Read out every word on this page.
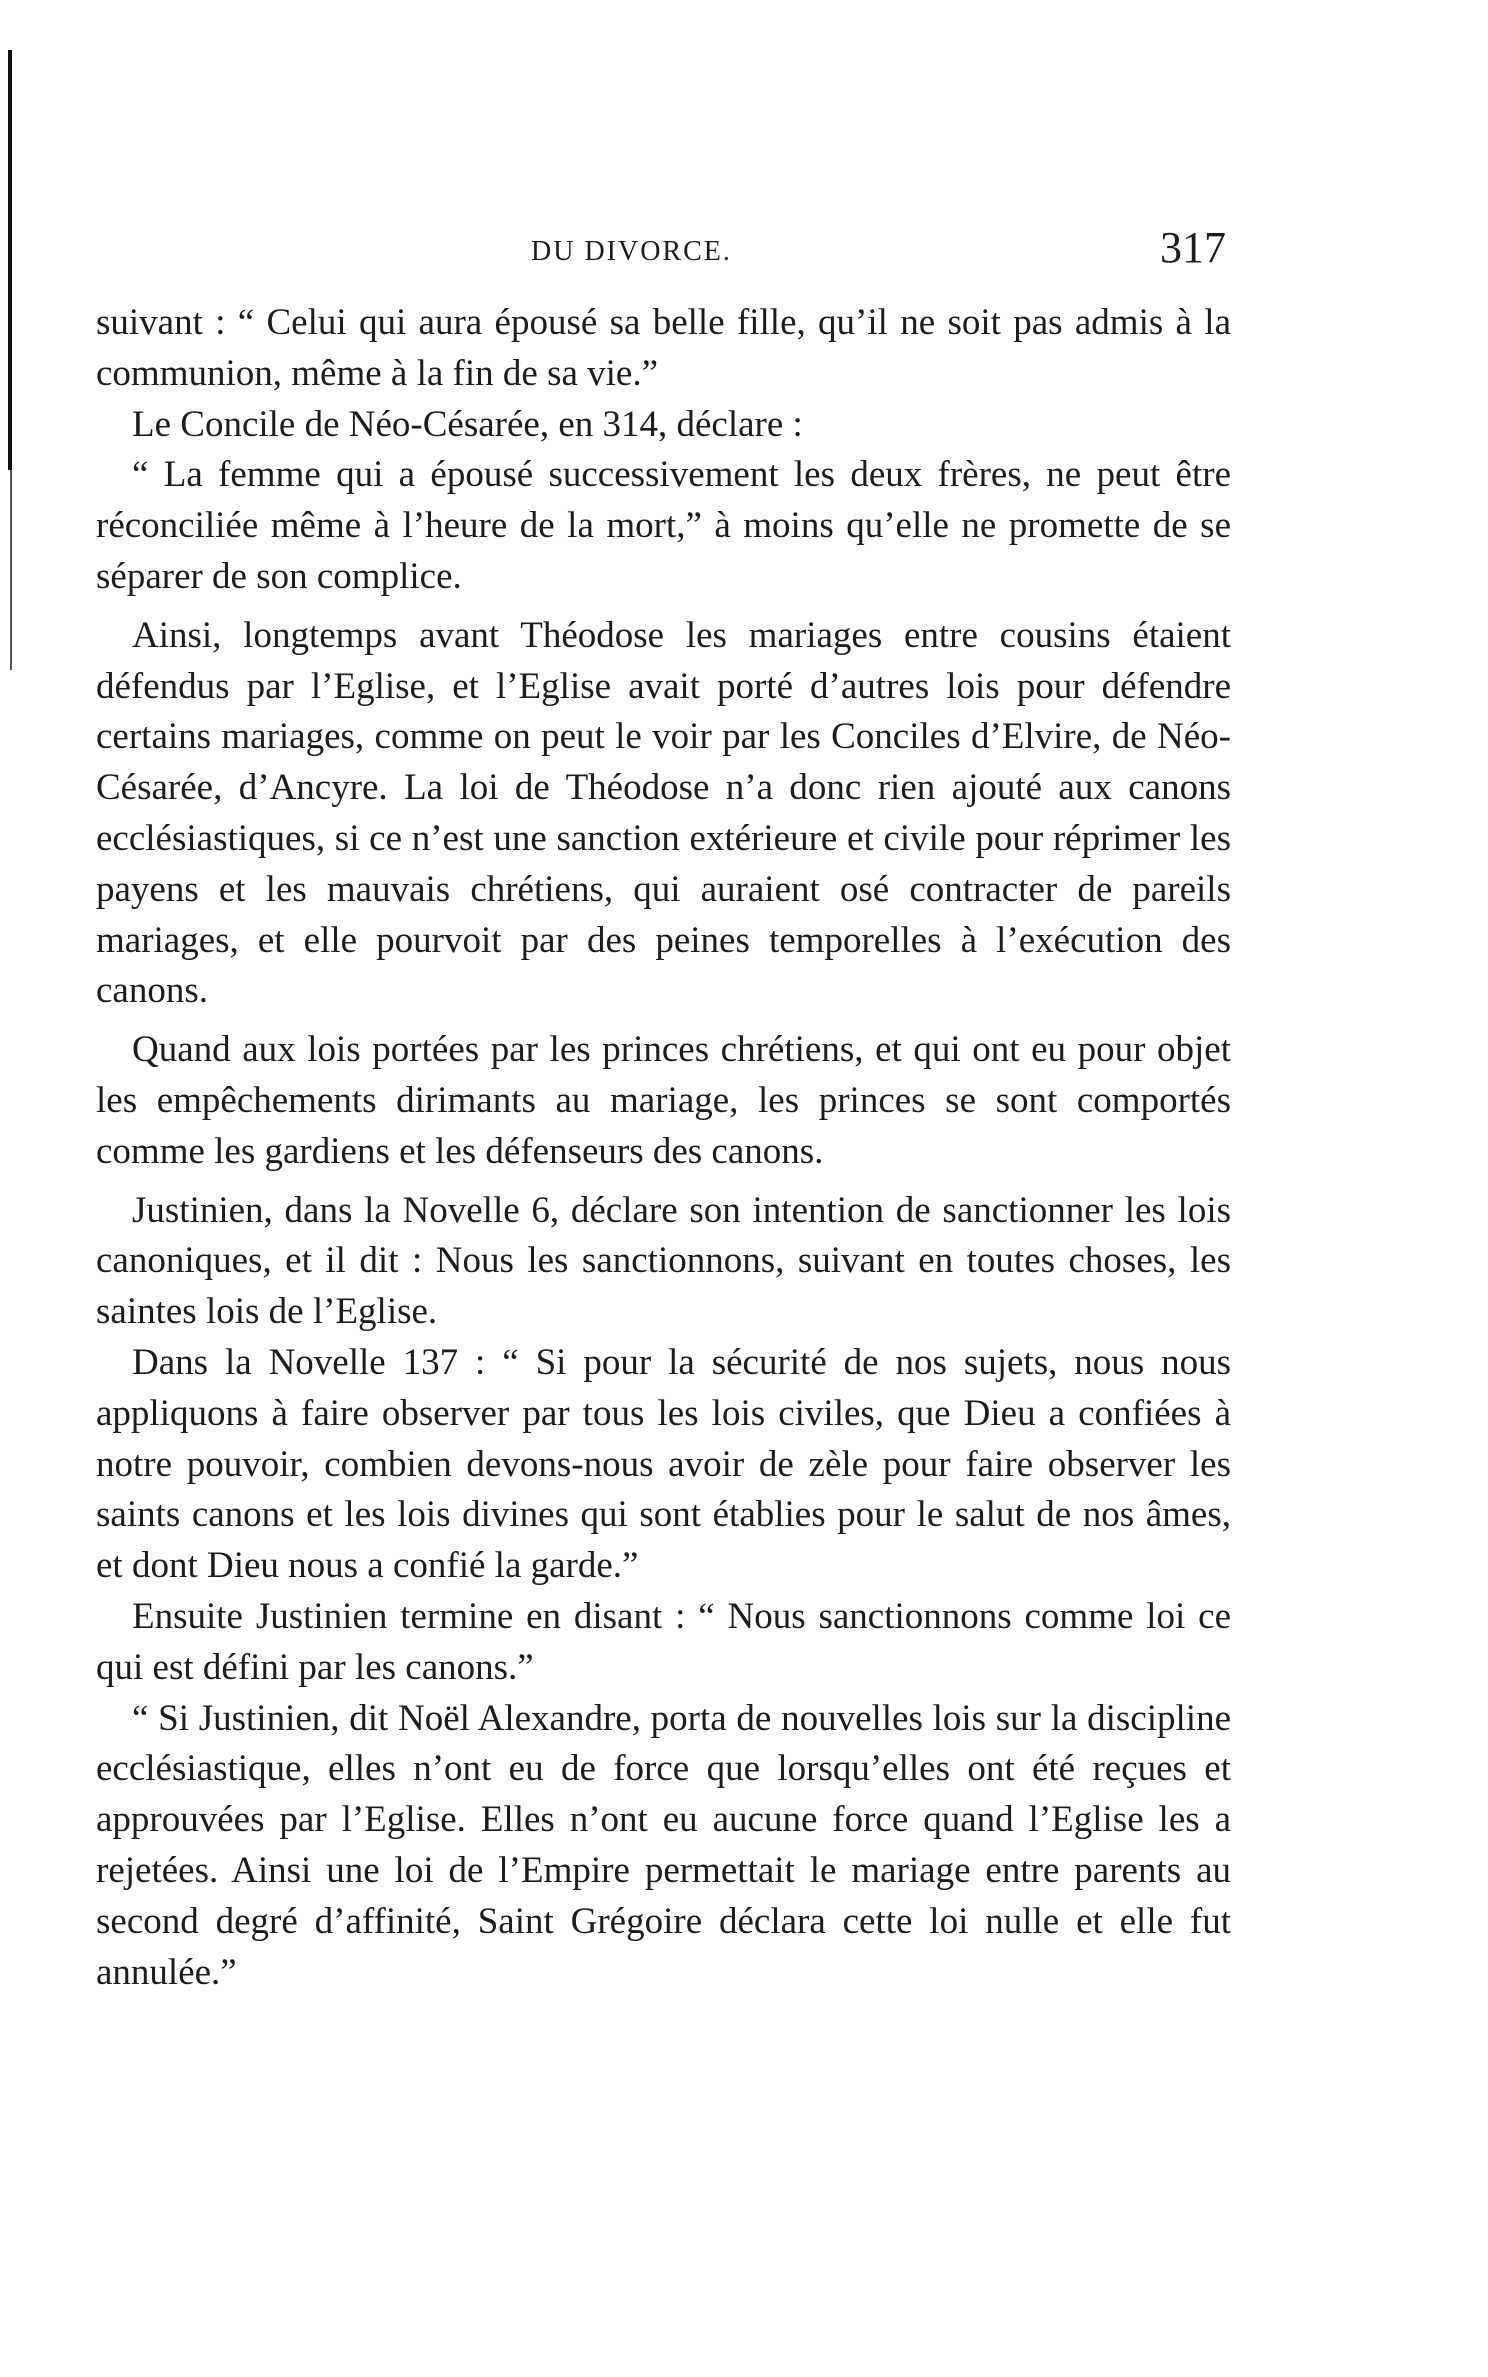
DU DIVORCE.	317

suivant : “ Celui qui aura épousé sa belle fille, qu’il ne soit pas admis à la communion, même à la fin de sa vie.”

Le Concile de Néo-Césarée, en 314, déclare :

“ La femme qui a épousé successivement les deux frères, ne peut être réconciliée même à l’heure de la mort,” à moins qu’elle ne promette de se séparer de son complice.

Ainsi, longtemps avant Théodose les mariages entre cousins étaient défendus par l’Eglise, et l’Eglise avait porté d’autres lois pour défendre certains mariages, comme on peut le voir par les Conciles d’Elvire, de Néo-Césarée, d’Ancyre. La loi de Théodose n’a donc rien ajouté aux canons ecclésiastiques, si ce n’est une sanction extérieure et civile pour réprimer les payens et les mauvais chrétiens, qui auraient osé contracter de pareils mariages, et elle pourvoit par des peines temporelles à l’exécution des canons.

Quand aux lois portées par les princes chrétiens, et qui ont eu pour objet les empêchements dirimants au mariage, les princes se sont comportés comme les gardiens et les défenseurs des canons.

Justinien, dans la Novelle 6, déclare son intention de sanctionner les lois canoniques, et il dit : Nous les sanctionnons, suivant en toutes choses, les saintes lois de l’Eglise.

Dans la Novelle 137 : “ Si pour la sécurité de nos sujets, nous nous appliquons à faire observer par tous les lois civiles, que Dieu a confiées à notre pouvoir, combien devons-nous avoir de zèle pour faire observer les saints canons et les lois divines qui sont établies pour le salut de nos âmes, et dont Dieu nous a confié la garde.”

Ensuite Justinien termine en disant : “ Nous sanctionnons comme loi ce qui est défini par les canons.”

“ Si Justinien, dit Noël Alexandre, porta de nouvelles lois sur la discipline ecclésiastique, elles n’ont eu de force que lorsqu’elles ont été reçues et approuvées par l’Eglise. Elles n’ont eu aucune force quand l’Eglise les a rejetées. Ainsi une loi de l’Empire permettait le mariage entre parents au second degré d’affinité, Saint Grégoire déclara cette loi nulle et elle fut annulée.”
